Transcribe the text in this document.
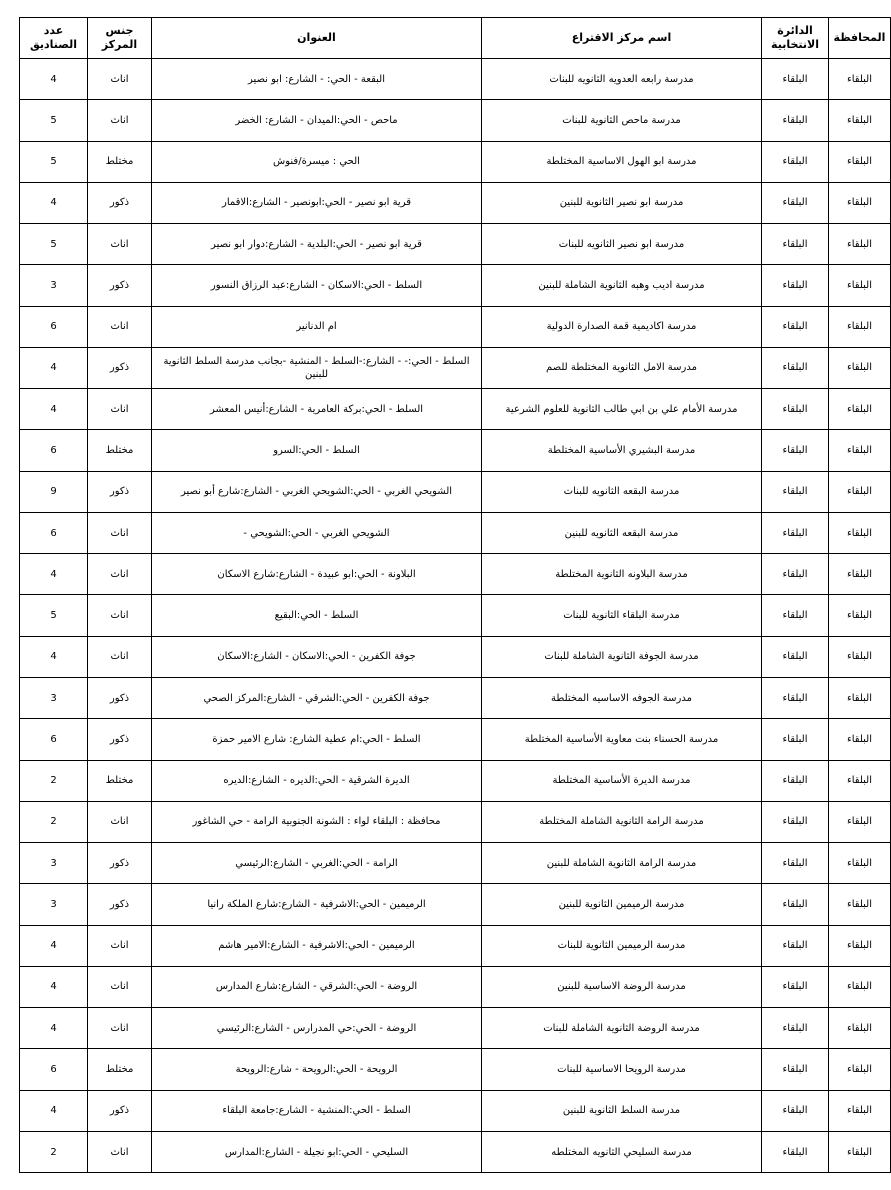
المحافظة	الدائرة الانتخابية	اسم مركز الاقتراع	العنوان	جنس المركز	عدد الصناديق
البلقاء	البلقاء	مدرسة رابعه العدويه الثانويه للبنات	البقعة - الحي: - الشارع: ابو نصير	اناث	4
البلقاء	البلقاء	مدرسة ماحص الثانوية للبنات	ماحص - الحي:الميدان - الشارع: الخضر	اناث	5
البلقاء	البلقاء	مدرسة ابو الهول الاساسية المختلطة	الحي : ميسرة/فنوش	مختلط	5
البلقاء	البلقاء	مدرسة ابو نصير الثانوية للبنين	قرية ابو نصير - الحي:ابونصير - الشارع:الاقمار	ذكور	4
البلقاء	البلقاء	مدرسة ابو نصير الثانويه للبنات	قرية ابو نصير - الحي:البلدية - الشارع:دوار ابو نصير	اناث	5
البلقاء	البلقاء	مدرسة اديب وهبه الثانوية الشاملة للبنين	السلط - الحي:الاسكان - الشارع:عبد الرزاق النسور	ذكور	3
البلقاء	البلقاء	مدرسة اكاديمية قمة الصدارة الدولية	ام الدنانير	اناث	6
البلقاء	البلقاء	مدرسة الامل الثانوية المختلطة للصم	السلط - الحي:- - الشارع:-السلط - المنشية -بجانب مدرسة السلط الثانوية للبنين	ذكور	4
البلقاء	البلقاء	مدرسة الأمام علي بن ابي طالب الثانوية للعلوم الشرعية	السلط - الحي:بركة العامرية - الشارع:أنيس المعشر	اناث	4
البلقاء	البلقاء	مدرسة البشيري الأساسية المختلطة	السلط - الحي:السرو	مختلط	6
البلقاء	البلقاء	مدرسة البقعه الثانويه للبنات	الشويحي الغربي - الحي:الشويحي الغربي - الشارع:شارع أبو نصير	ذكور	9
البلقاء	البلقاء	مدرسة البقعه الثانويه للبنين	الشويحي الغربي - الحي:الشويحي -	اناث	6
البلقاء	البلقاء	مدرسة البلاونه الثانوية المختلطة	البلاونة - الحي:ابو عبيدة - الشارع:شارع الاسكان	اناث	4
البلقاء	البلقاء	مدرسة البلقاء الثانوية للبنات	السلط - الحي:البقيع	اناث	5
البلقاء	البلقاء	مدرسة الجوفة الثانوية الشاملة للبنات	جوفة الكفرين - الحي:الاسكان - الشارع:الاسكان	اناث	4
البلقاء	البلقاء	مدرسة الجوفه الاساسيه المختلطة	جوفة الكفرين - الحي:الشرقي - الشارع:المركز الصحي	ذكور	3
البلقاء	البلقاء	مدرسة الحسناء بنت معاوية الأساسية المختلطة	السلط - الحي:ام عطية الشارع: شارع الامير حمزة	ذكور	6
البلقاء	البلقاء	مدرسة الديرة الأساسية المختلطة	الديرة الشرقية - الحي:الديره - الشارع:الديره	مختلط	2
البلقاء	البلقاء	مدرسة الرامة الثانوية الشاملة المختلطة	محافظة : البلقاء لواء : الشونة الجنوبية الرامة - حي الشاغور	اناث	2
البلقاء	البلقاء	مدرسة الرامة الثانوية الشاملة للبنين	الرامة - الحي:الغربي - الشارع:الرئيسي	ذكور	3
البلقاء	البلقاء	مدرسة الرميمين الثانوية للبنين	الرميمين - الحي:الاشرفية - الشارع:شارع الملكة رانيا	ذكور	3
البلقاء	البلقاء	مدرسة الرميمين الثانوية للبنات	الرميمين - الحي:الاشرفية - الشارع:الامير هاشم	اناث	4
البلقاء	البلقاء	مدرسة الروضة الاساسية للبنين	الروضة - الحي:الشرقي - الشارع:شارع المدارس	اناث	4
البلقاء	البلقاء	مدرسة الروضة الثانوية الشاملة للبنات	الروضة - الحي:حي المدرارس - الشارع:الرئيسي	اناث	4
البلقاء	البلقاء	مدرسة الرويحا الاساسية للبنات	الرويحة - الحي:الرويحة - شارع:الرويحة	مختلط	6
البلقاء	البلقاء	مدرسة السلط الثانوية للبنين	السلط - الحي:المنشية - الشارع:جامعة البلقاء	ذكور	4
البلقاء	البلقاء	مدرسة السليحي الثانويه المختلطه	السليحي - الحي:ابو نجيلة - الشارع:المدارس	اناث	2
